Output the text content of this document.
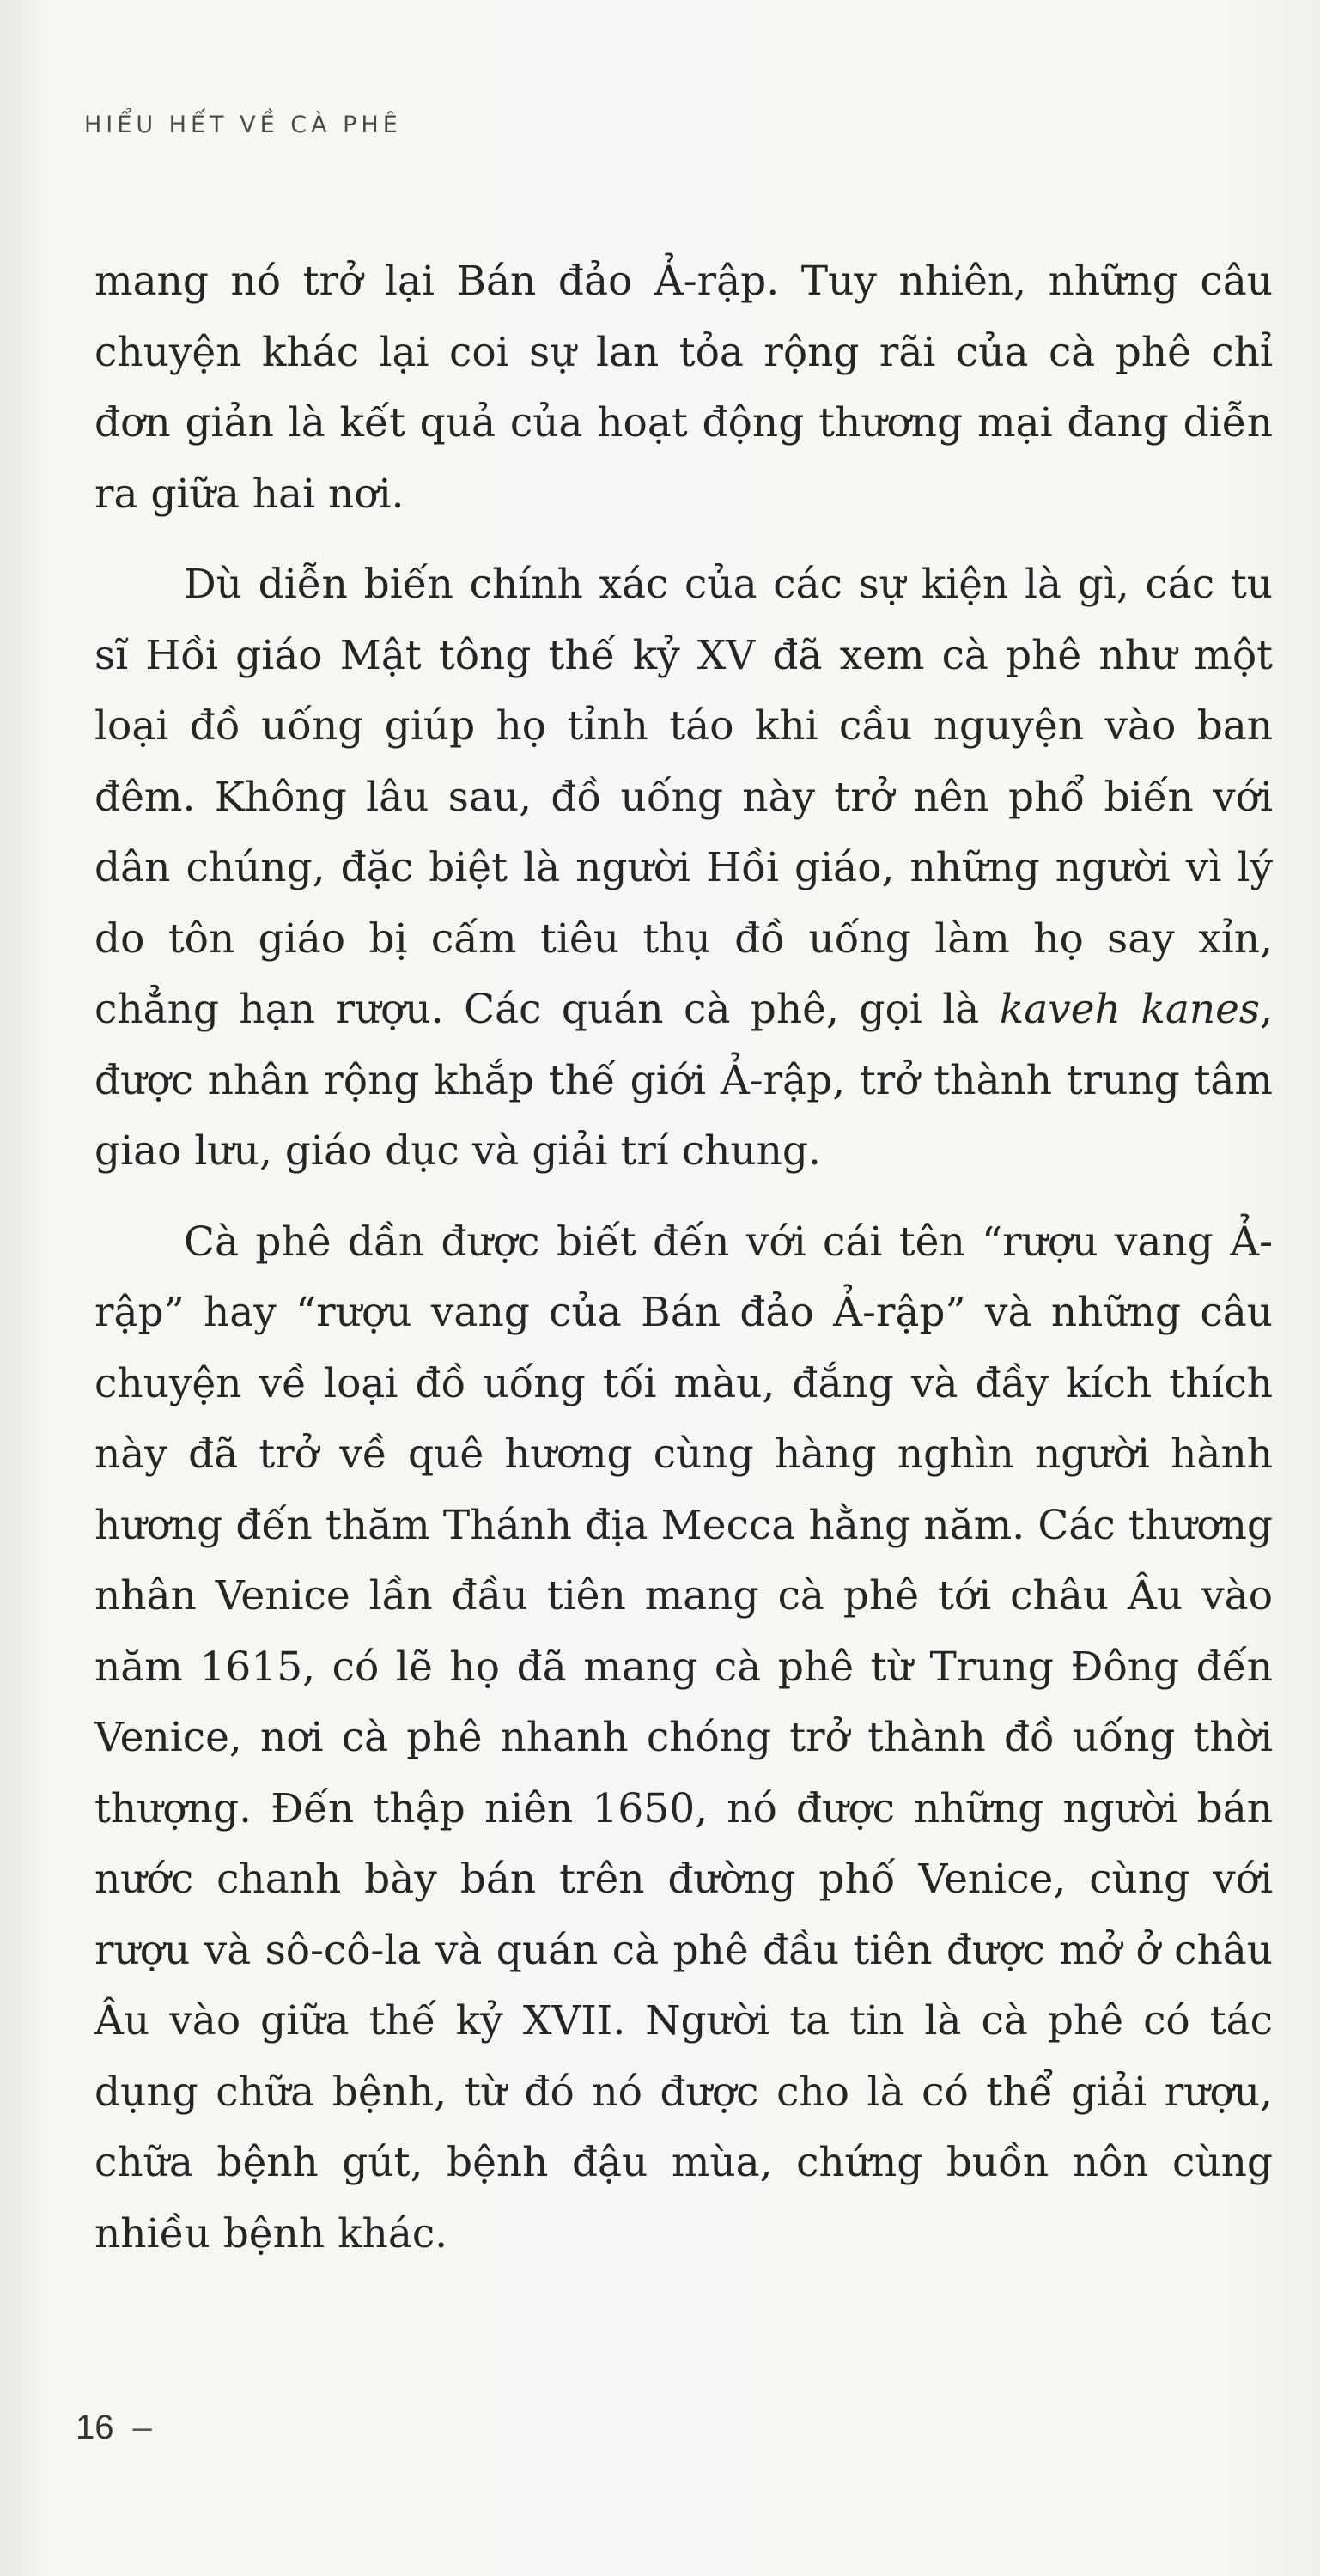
HIỂU HẾT VỀ CÀ PHÊ

mang nó trở lại Bán đảo Ả-rập. Tuy nhiên, những câu chuyện khác lại coi sự lan tỏa rộng rãi của cà phê chỉ đơn giản là kết quả của hoạt động thương mại đang diễn ra giữa hai nơi.

Dù diễn biến chính xác của các sự kiện là gì, các tu sĩ Hồi giáo Mật tông thế kỷ XV đã xem cà phê như một loại đồ uống giúp họ tỉnh táo khi cầu nguyện vào ban đêm. Không lâu sau, đồ uống này trở nên phổ biến với dân chúng, đặc biệt là người Hồi giáo, những người vì lý do tôn giáo bị cấm tiêu thụ đồ uống làm họ say xỉn, chẳng hạn rượu. Các quán cà phê, gọi là kaveh kanes, được nhân rộng khắp thế giới Ả-rập, trở thành trung tâm giao lưu, giáo dục và giải trí chung.

Cà phê dần được biết đến với cái tên “rượu vang Ả-rập” hay “rượu vang của Bán đảo Ả-rập” và những câu chuyện về loại đồ uống tối màu, đắng và đầy kích thích này đã trở về quê hương cùng hàng nghìn người hành hương đến thăm Thánh địa Mecca hằng năm. Các thương nhân Venice lần đầu tiên mang cà phê tới châu Âu vào năm 1615, có lẽ họ đã mang cà phê từ Trung Đông đến Venice, nơi cà phê nhanh chóng trở thành đồ uống thời thượng. Đến thập niên 1650, nó được những người bán nước chanh bày bán trên đường phố Venice, cùng với rượu và sô-cô-la và quán cà phê đầu tiên được mở ở châu Âu vào giữa thế kỷ XVII. Người ta tin là cà phê có tác dụng chữa bệnh, từ đó nó được cho là có thể giải rượu, chữa bệnh gút, bệnh đậu mùa, chứng buồn nôn cùng nhiều bệnh khác.

16 –
